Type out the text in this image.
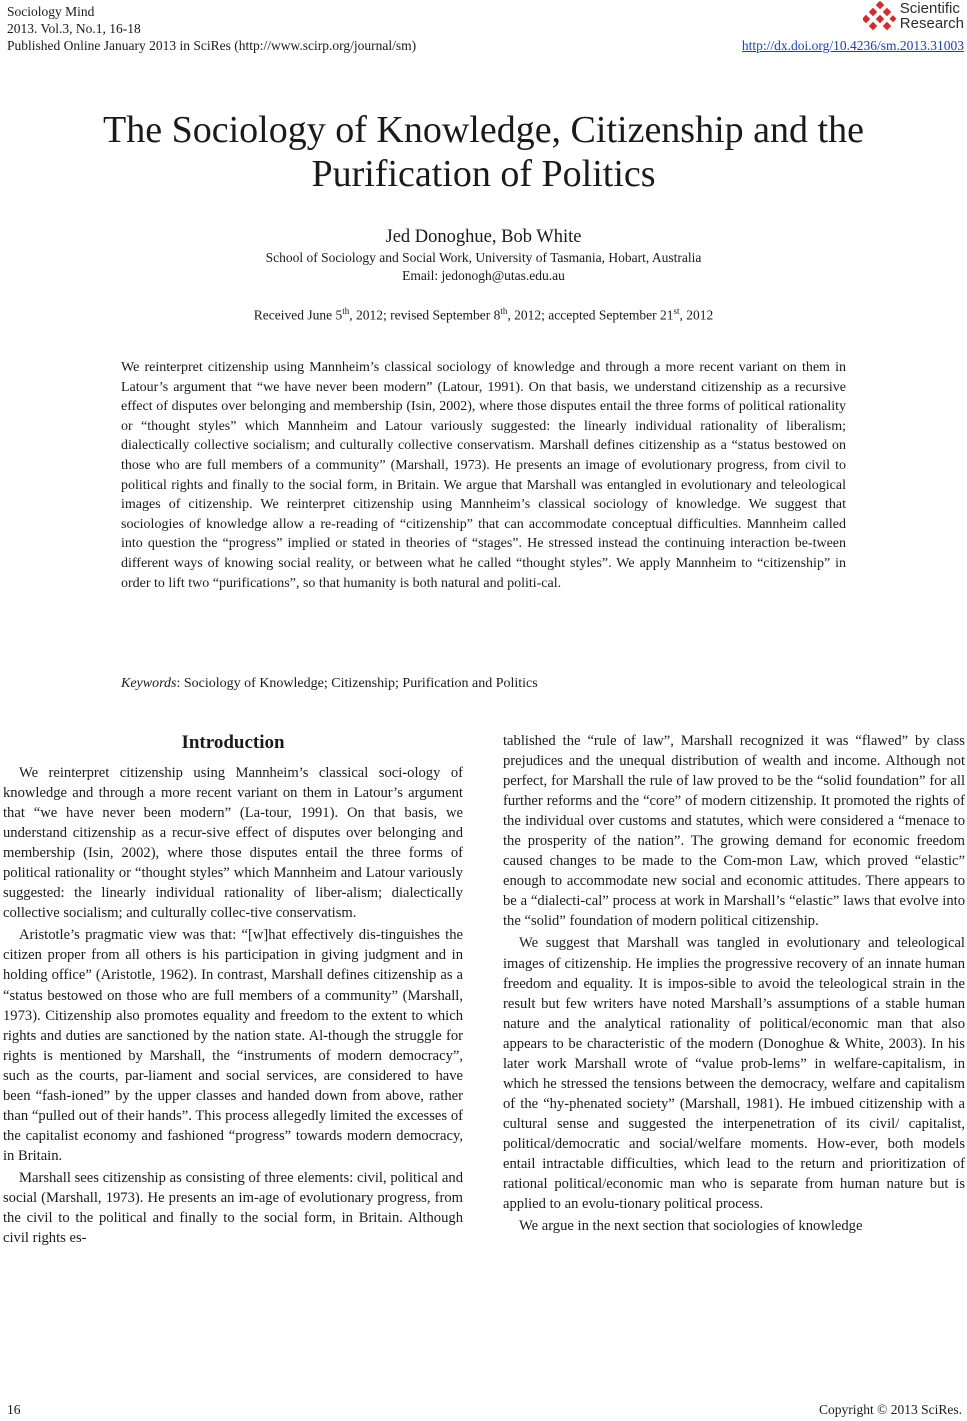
Sociology Mind
2013. Vol.3, No.1, 16-18
Published Online January 2013 in SciRes (http://www.scirp.org/journal/sm)
Scientific
Research
http://dx.doi.org/10.4236/sm.2013.31003
The Sociology of Knowledge, Citizenship and the
Purification of Politics
Jed Donoghue, Bob White
School of Sociology and Social Work, University of Tasmania, Hobart, Australia
Email: jedonogh@utas.edu.au
Received June 5th, 2012; revised September 8th, 2012; accepted September 21st, 2012

We reinterpret citizenship using Mannheim’s classical sociology of knowledge and through a more recent variant on them in Latour’s argument that “we have never been modern” (Latour, 1991). On that basis, we understand citizenship as a recursive effect of disputes over belonging and membership (Isin, 2002), where those disputes entail the three forms of political rationality or “thought styles” which Mannheim and Latour variously suggested: the linearly individual rationality of liberalism; dialectically collective socialism; and culturally collective conservatism. Marshall defines citizenship as a “status bestowed on those who are full members of a community” (Marshall, 1973). He presents an image of evolutionary progress, from civil to political rights and finally to the social form, in Britain. We argue that Marshall was entangled in evolutionary and teleological images of citizenship. We reinterpret citizenship using Mannheim’s classical sociology of knowledge. We suggest that sociologies of knowledge allow a re-reading of “citizenship” that can accommodate conceptual difficulties. Mannheim called into question the “progress” implied or stated in theories of “stages”. He stressed instead the continuing interaction be-tween different ways of knowing social reality, or between what he called “thought styles”. We apply Mannheim to “citizenship” in order to lift two “purifications”, so that humanity is both natural and politi-cal.

Keywords: Sociology of Knowledge; Citizenship; Purification and Politics
Introduction

We reinterpret citizenship using Mannheim’s classical soci-ology of knowledge and through a more recent variant on them in Latour’s argument that “we have never been modern” (La-tour, 1991). On that basis, we understand citizenship as a recur-sive effect of disputes over belonging and membership (Isin, 2002), where those disputes entail the three forms of political rationality or “thought styles” which Mannheim and Latour variously suggested: the linearly individual rationality of liber-alism; dialectically collective socialism; and culturally collec-tive conservatism.

Aristotle’s pragmatic view was that: “[w]hat effectively dis-tinguishes the citizen proper from all others is his participation in giving judgment and in holding office” (Aristotle, 1962). In contrast, Marshall defines citizenship as a “status bestowed on those who are full members of a community” (Marshall, 1973). Citizenship also promotes equality and freedom to the extent to which rights and duties are sanctioned by the nation state. Al-though the struggle for rights is mentioned by Marshall, the “instruments of modern democracy”, such as the courts, par-liament and social services, are considered to have been “fash-ioned” by the upper classes and handed down from above, rather than “pulled out of their hands”. This process allegedly limited the excesses of the capitalist economy and fashioned “progress” towards modern democracy, in Britain.

Marshall sees citizenship as consisting of three elements: civil, political and social (Marshall, 1973). He presents an im-age of evolutionary progress, from the civil to the political and finally to the social form, in Britain. Although civil rights es-

tablished the “rule of law”, Marshall recognized it was “flawed” by class prejudices and the unequal distribution of wealth and income. Although not perfect, for Marshall the rule of law proved to be the “solid foundation” for all further reforms and the “core” of modern citizenship. It promoted the rights of the individual over customs and statutes, which were considered a “menace to the prosperity of the nation”. The growing demand for economic freedom caused changes to be made to the Com-mon Law, which proved “elastic” enough to accommodate new social and economic attitudes. There appears to be a “dialecti-cal” process at work in Marshall’s “elastic” laws that evolve into the “solid” foundation of modern political citizenship.

We suggest that Marshall was tangled in evolutionary and teleological images of citizenship. He implies the progressive recovery of an innate human freedom and equality. It is impos-sible to avoid the teleological strain in the result but few writers have noted Marshall’s assumptions of a stable human nature and the analytical rationality of political/economic man that also appears to be characteristic of the modern (Donoghue & White, 2003). In his later work Marshall wrote of “value prob-lems” in welfare-capitalism, in which he stressed the tensions between the democracy, welfare and capitalism of the “hy-phenated society” (Marshall, 1981). He imbued citizenship with a cultural sense and suggested the interpenetration of its civil/ capitalist, political/democratic and social/welfare moments. How-ever, both models entail intractable difficulties, which lead to the return and prioritization of rational political/economic man who is separate from human nature but is applied to an evolu-tionary political process.

We argue in the next section that sociologies of knowledge

16	Copyright © 2013 SciRes.
